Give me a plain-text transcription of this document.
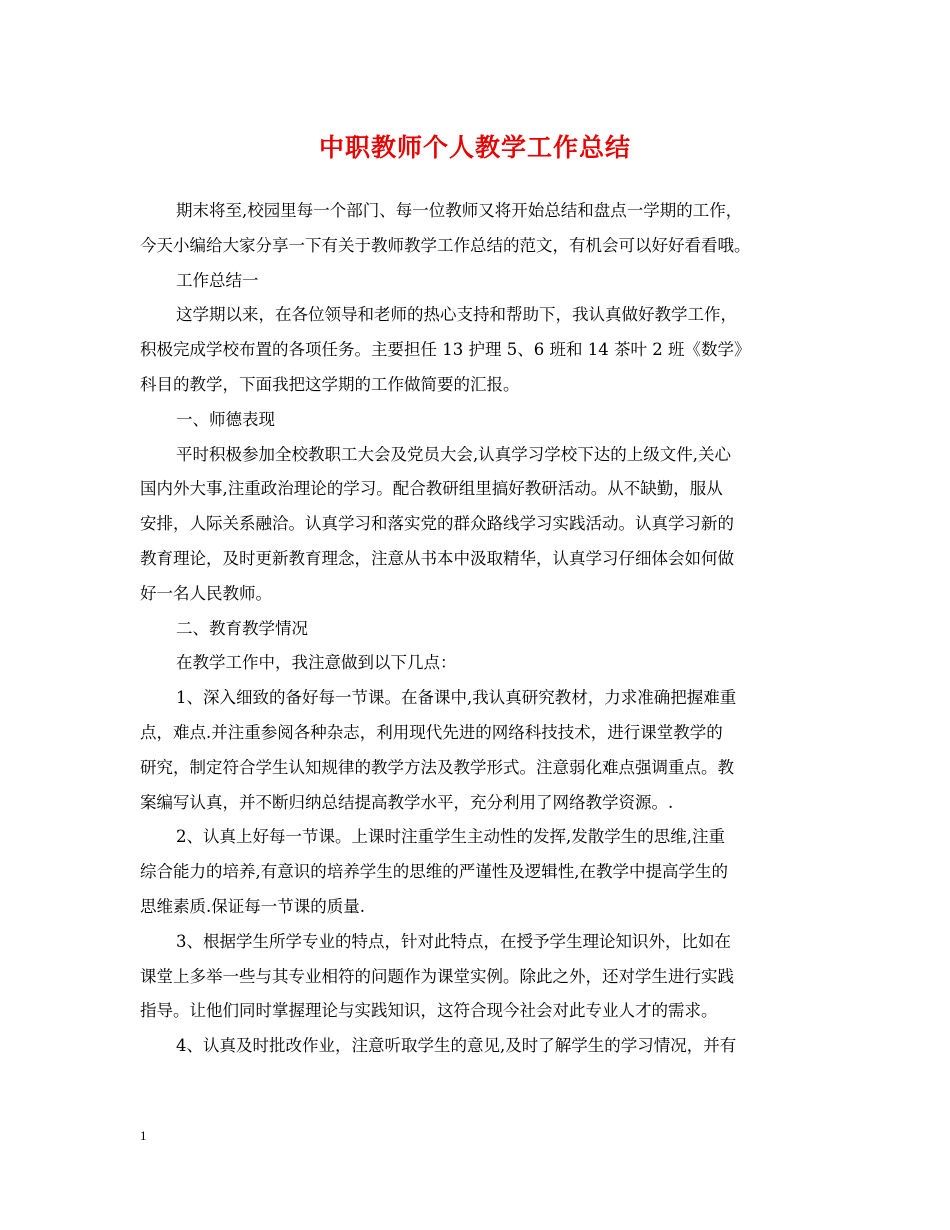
中职教师个人教学工作总结
期末将至,校园里每一个部门、每一位教师又将开始总结和盘点一学期的工作，
今天小编给大家分享一下有关于教师教学工作总结的范文，有机会可以好好看看哦。
工作总结一
这学期以来，在各位领导和老师的热心支持和帮助下，我认真做好教学工作，
积极完成学校布置的各项任务。主要担任 13 护理 5、6 班和 14 茶叶 2 班《数学》
科目的教学，下面我把这学期的工作做简要的汇报。
一、师德表现
平时积极参加全校教职工大会及党员大会,认真学习学校下达的上级文件,关心
国内外大事,注重政治理论的学习。配合教研组里搞好教研活动。从不缺勤，服从
安排，人际关系融洽。认真学习和落实党的群众路线学习实践活动。认真学习新的
教育理论，及时更新教育理念，注意从书本中汲取精华，认真学习仔细体会如何做
好一名人民教师。
二、教育教学情况
在教学工作中，我注意做到以下几点：
1、深入细致的备好每一节课。在备课中,我认真研究教材，力求准确把握难重
点，难点.并注重参阅各种杂志，利用现代先进的网络科技技术，进行课堂教学的
研究，制定符合学生认知规律的教学方法及教学形式。注意弱化难点强调重点。教
案编写认真，并不断归纳总结提高教学水平，充分利用了网络教学资源。.
2、认真上好每一节课。上课时注重学生主动性的发挥,发散学生的思维,注重
综合能力的培养,有意识的培养学生的思维的严谨性及逻辑性,在教学中提高学生的
思维素质.保证每一节课的质量.
3、根据学生所学专业的特点，针对此特点，在授予学生理论知识外，比如在
课堂上多举一些与其专业相符的问题作为课堂实例。除此之外，还对学生进行实践
指导。让他们同时掌握理论与实践知识，这符合现今社会对此专业人才的需求。
4、认真及时批改作业，注意听取学生的意见,及时了解学生的学习情况，并有
1
